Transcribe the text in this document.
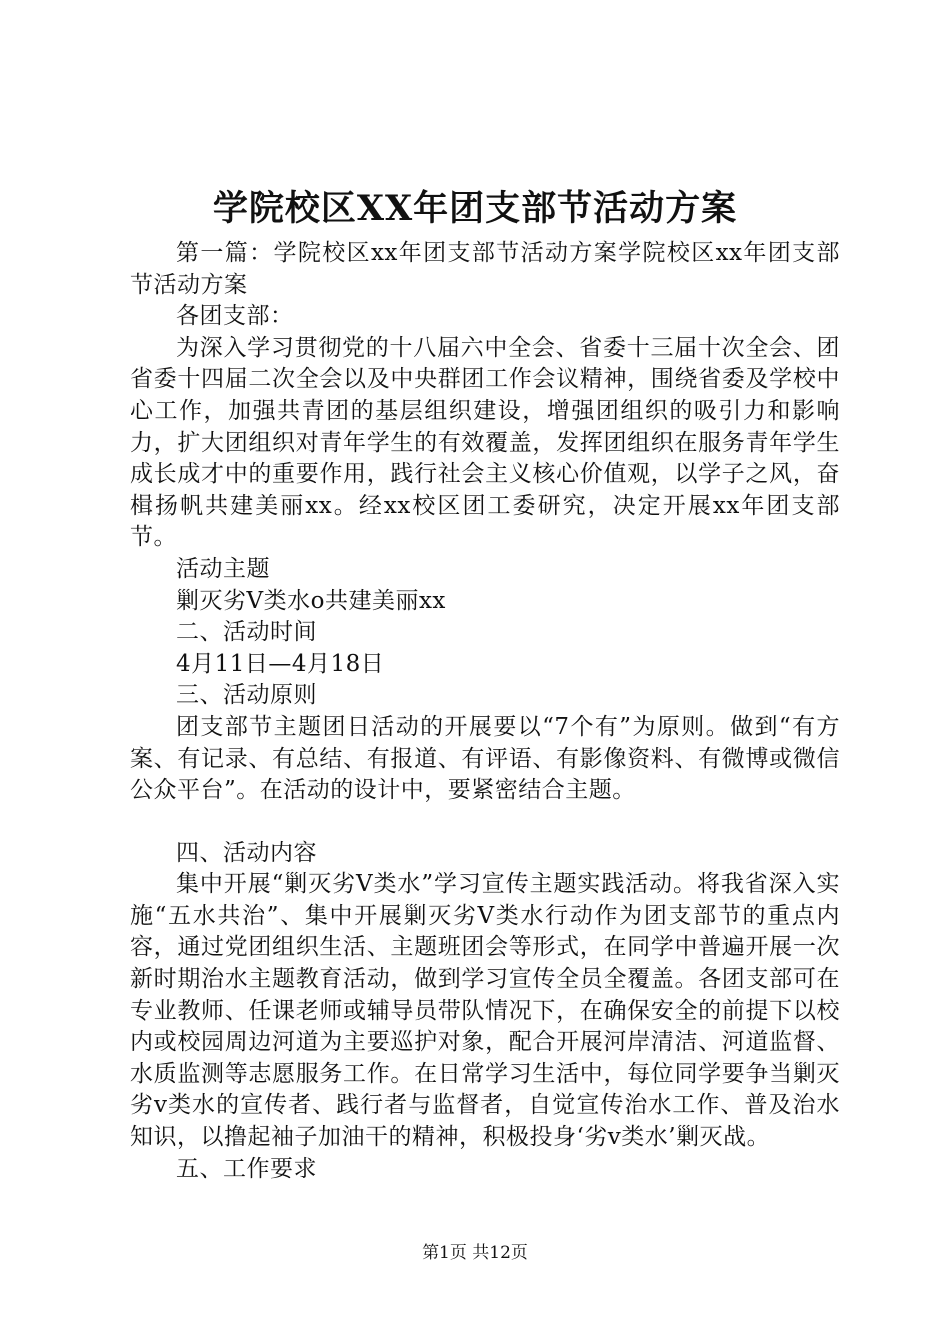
学院校区XX年团支部节活动方案

第一篇：学院校区xx年团支部节活动方案学院校区xx年团支部节活动方案

各团支部：

为深入学习贯彻党的十八届六中全会、省委十三届十次全会、团省委十四届二次全会以及中央群团工作会议精神，围绕省委及学校中心工作，加强共青团的基层组织建设，增强团组织的吸引力和影响力，扩大团组织对青年学生的有效覆盖，发挥团组织在服务青年学生成长成才中的重要作用，践行社会主义核心价值观，以学子之风，奋楫扬帆共建美丽xx。经xx校区团工委研究，决定开展xx年团支部节。

活动主题

剿灭劣Ⅴ类水o共建美丽xx

二、活动时间

4月11日—4月18日

三、活动原则

团支部节主题团日活动的开展要以“7个有”为原则。做到“有方案、有记录、有总结、有报道、有评语、有影像资料、有微博或微信公众平台”。在活动的设计中，要紧密结合主题。

四、活动内容

集中开展“剿灭劣Ⅴ类水”学习宣传主题实践活动。将我省深入实施“五水共治”、集中开展剿灭劣Ⅴ类水行动作为团支部节的重点内容，通过党团组织生活、主题班团会等形式，在同学中普遍开展一次新时期治水主题教育活动，做到学习宣传全员全覆盖。各团支部可在专业教师、任课老师或辅导员带队情况下，在确保安全的前提下以校内或校园周边河道为主要巡护对象，配合开展河岸清洁、河道监督、水质监测等志愿服务工作。在日常学习生活中，每位同学要争当剿灭劣v类水的宣传者、践行者与监督者，自觉宣传治水工作、普及治水知识，以撸起袖子加油干的精神，积极投身‘劣v类水’剿灭战。

五、工作要求

第1页 共12页
